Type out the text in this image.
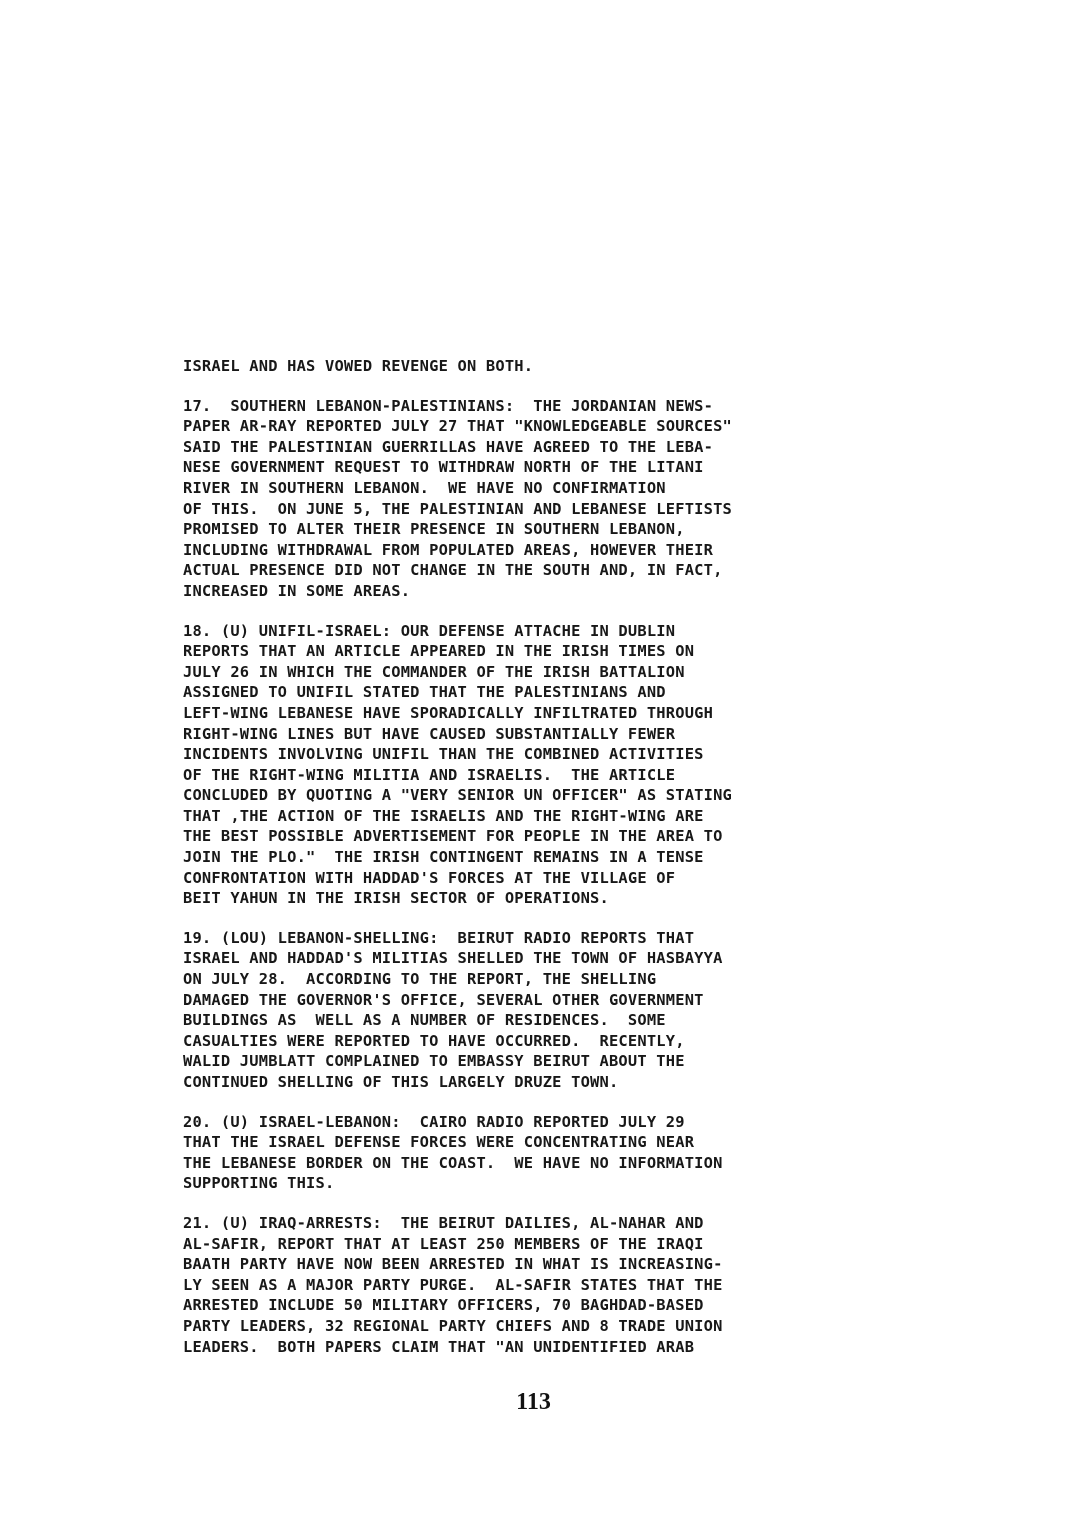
ISRAEL AND HAS VOWED REVENGE ON BOTH.
17.  SOUTHERN LEBANON-PALESTINIANS:  THE JORDANIAN NEWS-
PAPER AR-RAY REPORTED JULY 27 THAT "KNOWLEDGEABLE SOURCES"
SAID THE PALESTINIAN GUERRILLAS HAVE AGREED TO THE LEBA-
NESE GOVERNMENT REQUEST TO WITHDRAW NORTH OF THE LITANI
RIVER IN SOUTHERN LEBANON.  WE HAVE NO CONFIRMATION
OF THIS.  ON JUNE 5, THE PALESTINIAN AND LEBANESE LEFTISTS
PROMISED TO ALTER THEIR PRESENCE IN SOUTHERN LEBANON,
INCLUDING WITHDRAWAL FROM POPULATED AREAS, HOWEVER THEIR
ACTUAL PRESENCE DID NOT CHANGE IN THE SOUTH AND, IN FACT,
INCREASED IN SOME AREAS.
18. (U) UNIFIL-ISRAEL: OUR DEFENSE ATTACHE IN DUBLIN
REPORTS THAT AN ARTICLE APPEARED IN THE IRISH TIMES ON
JULY 26 IN WHICH THE COMMANDER OF THE IRISH BATTALION
ASSIGNED TO UNIFIL STATED THAT THE PALESTINIANS AND
LEFT-WING LEBANESE HAVE SPORADICALLY INFILTRATED THROUGH
RIGHT-WING LINES BUT HAVE CAUSED SUBSTANTIALLY FEWER
INCIDENTS INVOLVING UNIFIL THAN THE COMBINED ACTIVITIES
OF THE RIGHT-WING MILITIA AND ISRAELIS.  THE ARTICLE
CONCLUDED BY QUOTING A "VERY SENIOR UN OFFICER" AS STATING
THAT ,THE ACTION OF THE ISRAELIS AND THE RIGHT-WING ARE
THE BEST POSSIBLE ADVERTISEMENT FOR PEOPLE IN THE AREA TO
JOIN THE PLO."  THE IRISH CONTINGENT REMAINS IN A TENSE
CONFRONTATION WITH HADDAD'S FORCES AT THE VILLAGE OF
BEIT YAHUN IN THE IRISH SECTOR OF OPERATIONS.
19. (LOU) LEBANON-SHELLING:  BEIRUT RADIO REPORTS THAT
ISRAEL AND HADDAD'S MILITIAS SHELLED THE TOWN OF HASBAYYA
ON JULY 28.  ACCORDING TO THE REPORT, THE SHELLING
DAMAGED THE GOVERNOR'S OFFICE, SEVERAL OTHER GOVERNMENT
BUILDINGS AS  WELL AS A NUMBER OF RESIDENCES.  SOME
CASUALTIES WERE REPORTED TO HAVE OCCURRED.  RECENTLY,
WALID JUMBLATT COMPLAINED TO EMBASSY BEIRUT ABOUT THE
CONTINUED SHELLING OF THIS LARGELY DRUZE TOWN.
20. (U) ISRAEL-LEBANON:  CAIRO RADIO REPORTED JULY 29
THAT THE ISRAEL DEFENSE FORCES WERE CONCENTRATING NEAR
THE LEBANESE BORDER ON THE COAST.  WE HAVE NO INFORMATION
SUPPORTING THIS.
21. (U) IRAQ-ARRESTS:  THE BEIRUT DAILIES, AL-NAHAR AND
AL-SAFIR, REPORT THAT AT LEAST 250 MEMBERS OF THE IRAQI
BAATH PARTY HAVE NOW BEEN ARRESTED IN WHAT IS INCREASING-
LY SEEN AS A MAJOR PARTY PURGE.  AL-SAFIR STATES THAT THE
ARRESTED INCLUDE 50 MILITARY OFFICERS, 70 BAGHDAD-BASED
PARTY LEADERS, 32 REGIONAL PARTY CHIEFS AND 8 TRADE UNION
LEADERS.  BOTH PAPERS CLAIM THAT "AN UNIDENTIFIED ARAB
113
